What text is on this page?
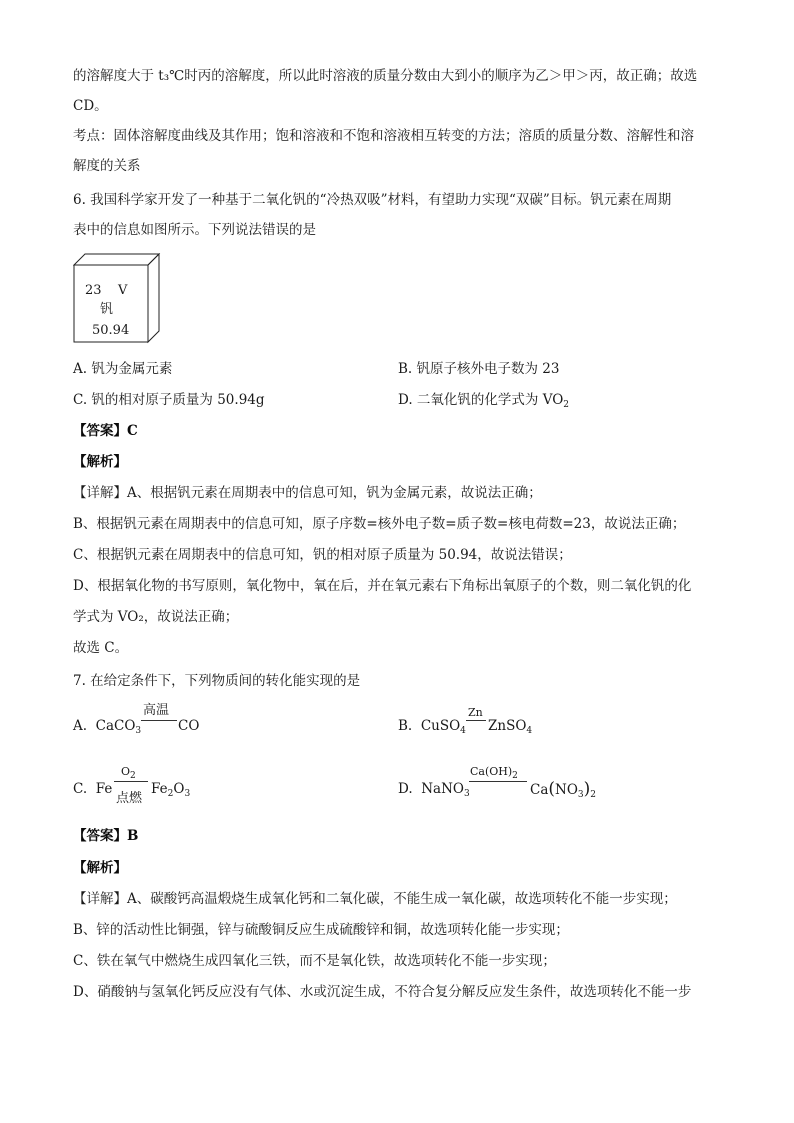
的溶解度大于 t₃℃时丙的溶解度，所以此时溶液的质量分数由大到小的顺序为乙＞甲＞丙，故正确；故选
CD。
考点：固体溶解度曲线及其作用；饱和溶液和不饱和溶液相互转变的方法；溶质的质量分数、溶解性和溶
解度的关系
6. 我国科学家开发了一种基于二氧化钒的“冷热双吸”材料，有望助力实现“双碳”目标。钒元素在周期
表中的信息如图所示。下列说法错误的是
23 V
钒
50.94
A. 钒为金属元素	B. 钒原子核外电子数为 23
C. 钒的相对原子质量为 50.94g	D. 二氧化钒的化学式为 $VO_2$
【答案】C
【解析】
【详解】A、根据钒元素在周期表中的信息可知，钒为金属元素，故说法正确；
B、根据钒元素在周期表中的信息可知，原子序数=核外电子数=质子数=核电荷数=23，故说法正确；
C、根据钒元素在周期表中的信息可知，钒的相对原子质量为 50.94，故说法错误；
D、根据氧化物的书写原则，氧化物中，氧在后，并在氧元素右下角标出氧原子的个数，则二氧化钒的化
学式为 VO₂，故说法正确；
故选 C。
7. 在给定条件下，下列物质间的转化能实现的是
A. CaCO$_3$
高温
CO	B. CuSO$_4$
Zn
ZnSO$_4$
C. Fe
$O_2$
点燃
$Fe_2O_3$	D. NaNO$_3$
$Ca(OH)_2$
$Ca(NO_3)_2$
【答案】B
【解析】
【详解】A、碳酸钙高温煅烧生成氧化钙和二氧化碳，不能生成一氧化碳，故选项转化不能一步实现；
B、锌的活动性比铜强，锌与硫酸铜反应生成硫酸锌和铜，故选项转化能一步实现；
C、铁在氧气中燃烧生成四氧化三铁，而不是氧化铁，故选项转化不能一步实现；
D、硝酸钠与氢氧化钙反应没有气体、水或沉淀生成，不符合复分解反应发生条件，故选项转化不能一步
